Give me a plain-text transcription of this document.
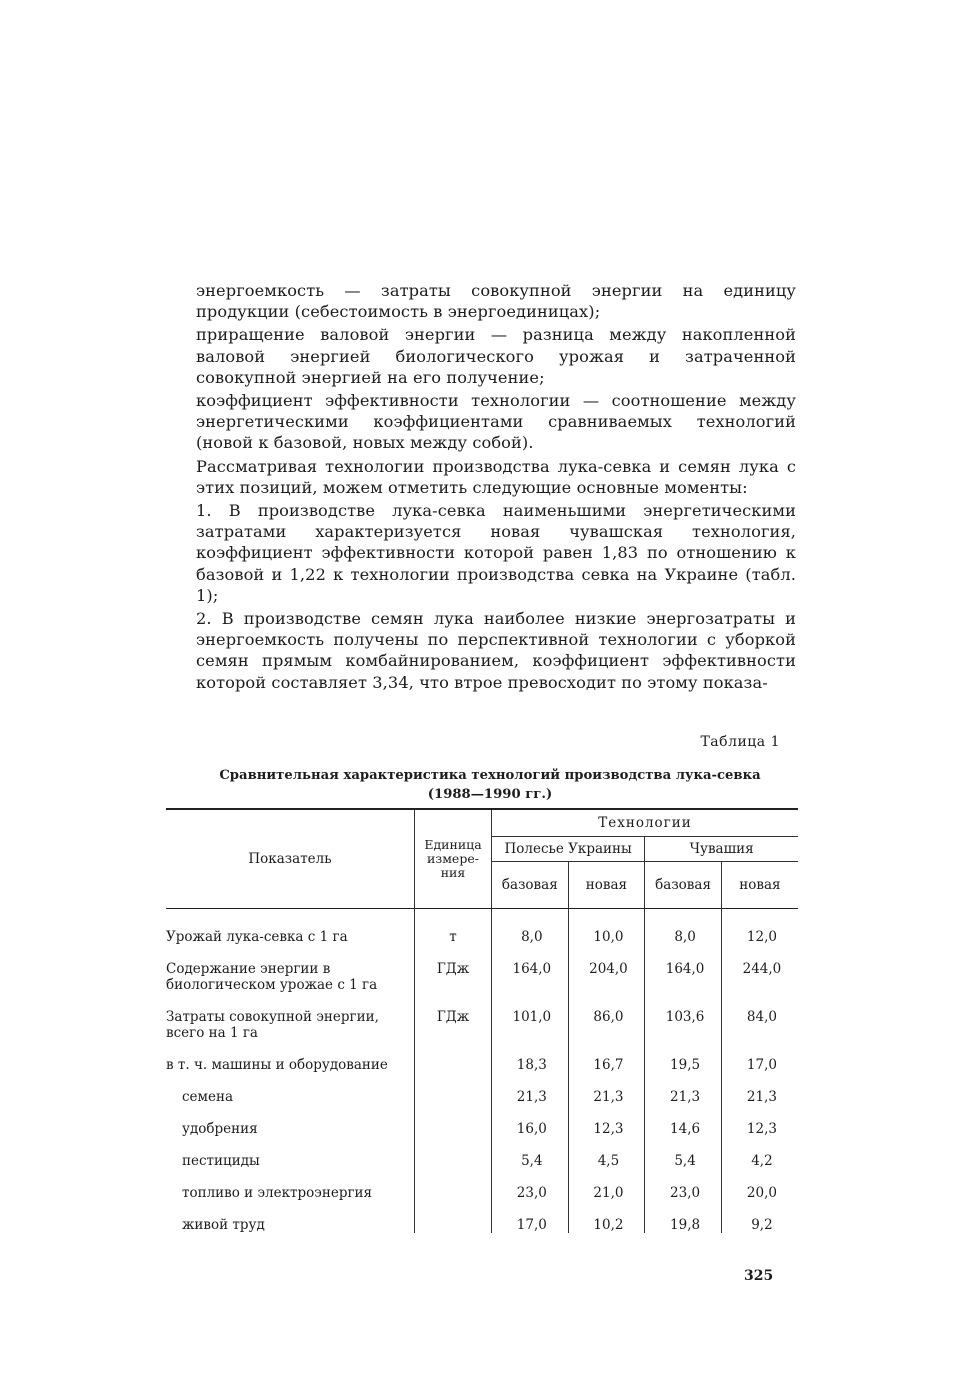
энергоемкость — затраты совокупной энергии на единицу продукции (себестоимость в энергоединицах);

приращение валовой энергии — разница между накопленной валовой энергией биологического урожая и затраченной совокупной энергией на его получение;

коэффициент эффективности технологии — соотношение между энергетическими коэффициентами сравниваемых технологий (новой к базовой, новых между собой).

Рассматривая технологии производства лука-севка и семян лука с этих позиций, можем отметить следующие основные моменты:

1. В производстве лука-севка наименьшими энергетическими затратами характеризуется новая чувашская технология, коэффициент эффективности которой равен 1,83 по отношению к базовой и 1,22 к технологии производства севка на Украине (табл. 1);

2. В производстве семян лука наиболее низкие энергозатраты и энергоемкость получены по перспективной технологии с уборкой семян прямым комбайнированием, коэффициент эффективности которой составляет 3,34, что втрое превосходит по этому показа-

Таблица 1
Сравнительная характеристика технологий производства лука-севка
(1988—1990 гг.)
Показатель	Единица измере-ния	Технологии			
		Полесье Украины		Чувашия	
		базовая	новая	базовая	новая
Урожай лука-севка с 1 га	т	8,0	10,0	8,0	12,0
Содержание энергии в биологическом урожае с 1 га	ГДж	164,0	204,0	164,0	244,0
Затраты совокупной энергии, всего на 1 га	ГДж	101,0	86,0	103,6	84,0
в т. ч. машины и оборудование		18,3	16,7	19,5	17,0
семена		21,3	21,3	21,3	21,3
удобрения		16,0	12,3	14,6	12,3
пестициды		5,4	4,5	5,4	4,2
топливо и электроэнергия		23,0	21,0	23,0	20,0
живой труд		17,0	10,2	19,8	9,2
325
